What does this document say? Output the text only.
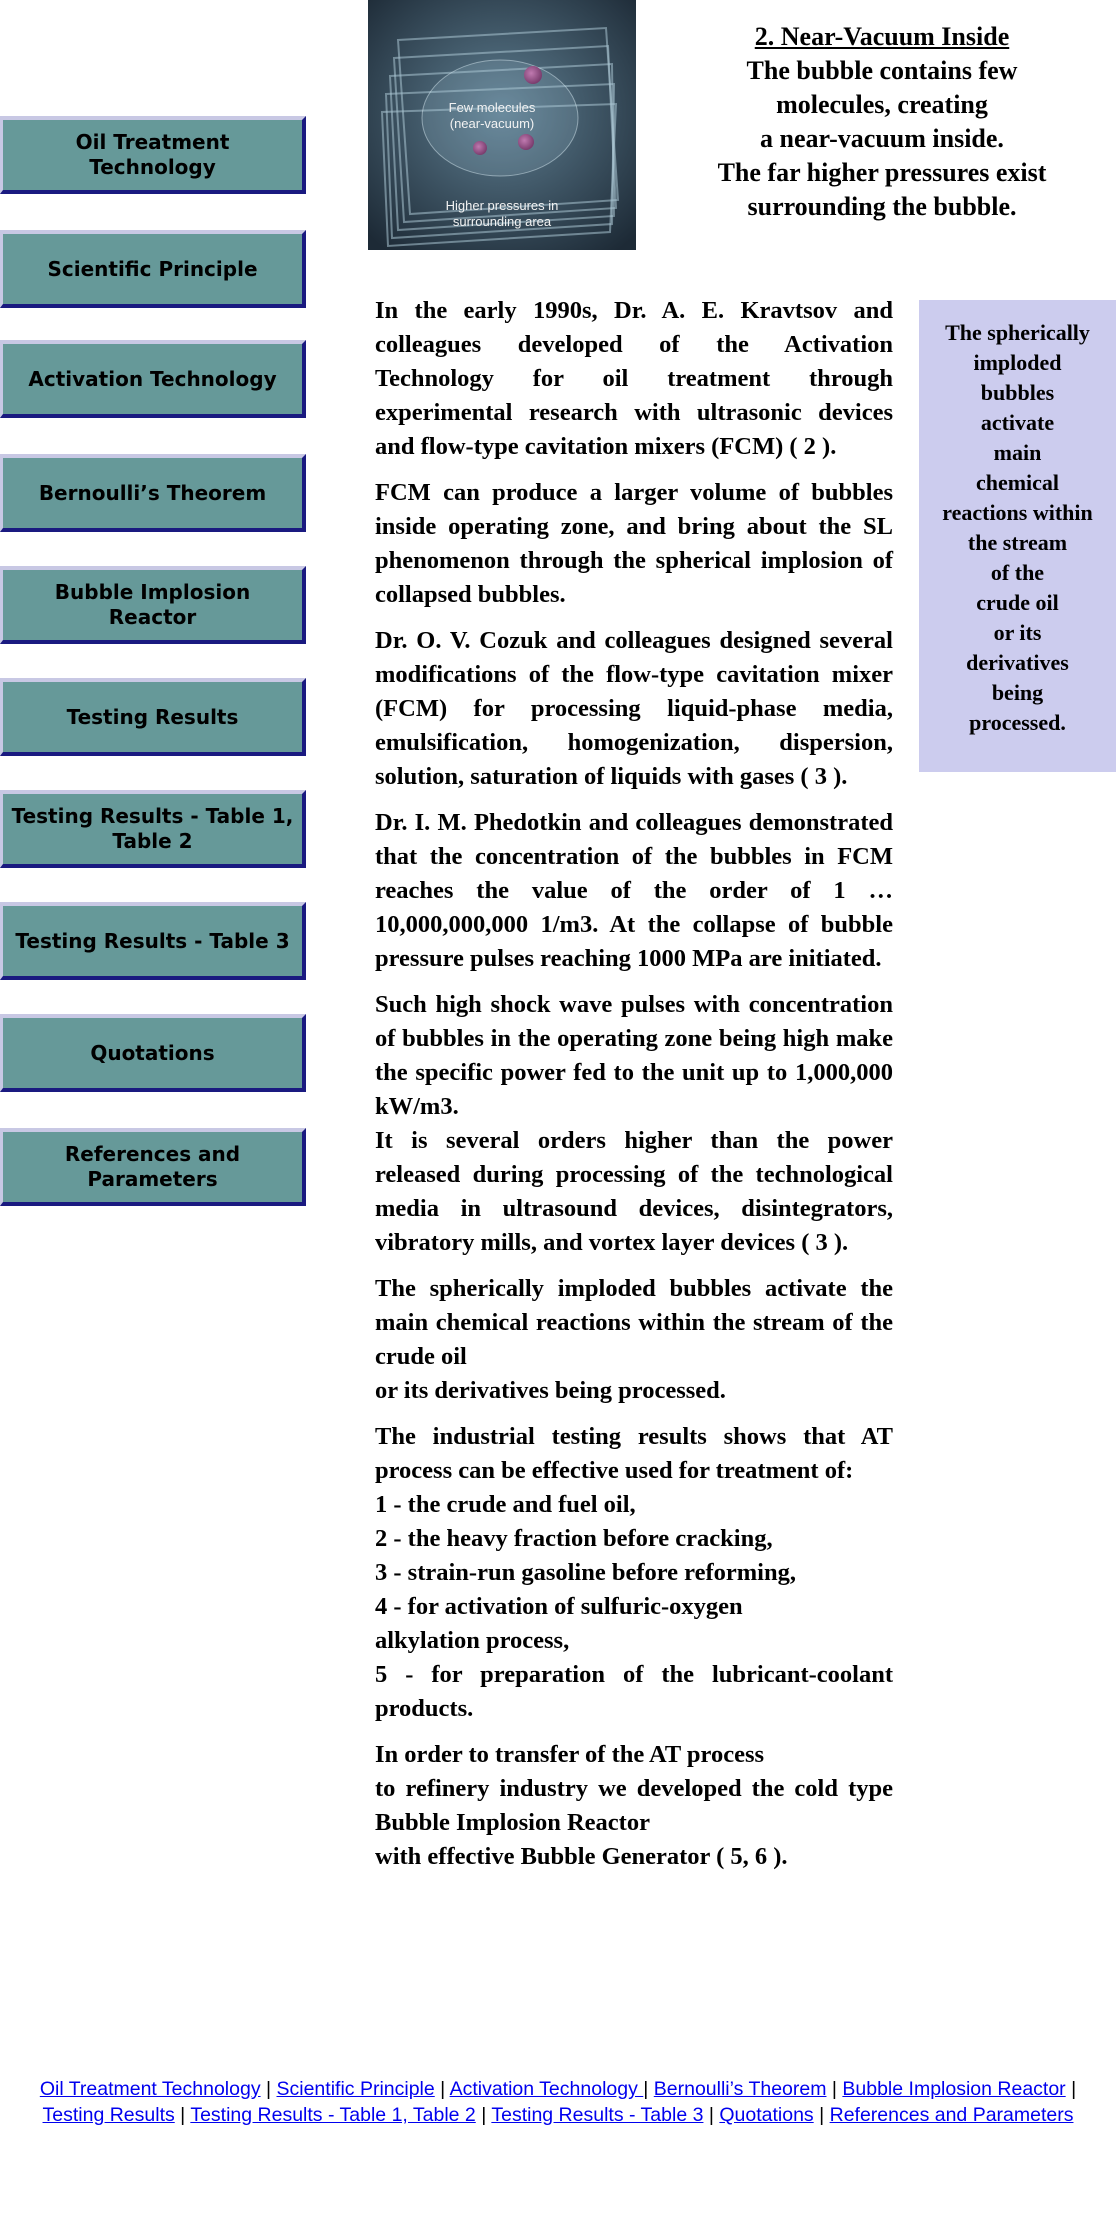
Oil Treatment Technology
Scientific Principle
Activation Technology
Bernoulli’s Theorem
Bubble Implosion Reactor
Testing Results
Testing Results - Table 1, Table 2
Testing Results - Table 3
Quotations
References and Parameters
Few molecules
(near-vacuum)
Higher pressures in
surrounding area
2. Near-Vacuum Inside
The bubble contains few
molecules, creating
a near-vacuum inside.
The far higher pressures exist
surrounding the bubble.
The spherically
imploded
bubbles
activate
main
chemical
reactions within
the stream
of the
crude oil
or its
derivatives
being
processed.

In the early 1990s, Dr. A. E. Kravtsov and colleagues developed of the Activation Technology for oil treatment through experimental research with ultrasonic devices and flow-type cavitation mixers (FCM) ( 2 ).

FCM can produce a larger volume of bubbles inside operating zone, and bring about the SL phenomenon through the spherical implosion of collapsed bubbles.

Dr. O. V. Cozuk and colleagues designed several modifications of the flow-type cavitation mixer (FCM) for processing liquid-phase media, emulsification, homogenization, dispersion, solution, saturation of liquids with gases ( 3 ).

Dr. I. M. Phedotkin and colleagues demonstrated that the concentration of the bubbles in FCM reaches the value of the order of 1 … 10,000,000,000 1/m3. At the collapse of bubble pressure pulses reaching 1000 MPa are initiated.

Such high shock wave pulses with concentration of bubbles in the operating zone being high make the specific power fed to the unit up to 1,000,000 kW/m3.
It is several orders higher than the power released during processing of the technological media in ultrasound devices, disintegrators, vibratory mills, and vortex layer devices ( 3 ).

The spherically imploded bubbles activate the main chemical reactions within the stream of the crude oil
or its derivatives being processed.

The industrial testing results shows that AT process can be effective used for treatment of:
1 - the crude and fuel oil,
2 - the heavy fraction before cracking,
3 - strain-run gasoline before reforming,
4 - for activation of sulfuric-oxygen
alkylation process,
5 - for preparation of the lubricant-coolant products.

In order to transfer of the AT process
to refinery industry we developed the cold type Bubble Implosion Reactor
with effective Bubble Generator ( 5, 6 ).

Oil Treatment Technology | Scientific Principle | Activation Technology | Bernoulli’s Theorem | Bubble Implosion Reactor | Testing Results | Testing Results - Table 1, Table 2 | Testing Results - Table 3 | Quotations | References and Parameters
